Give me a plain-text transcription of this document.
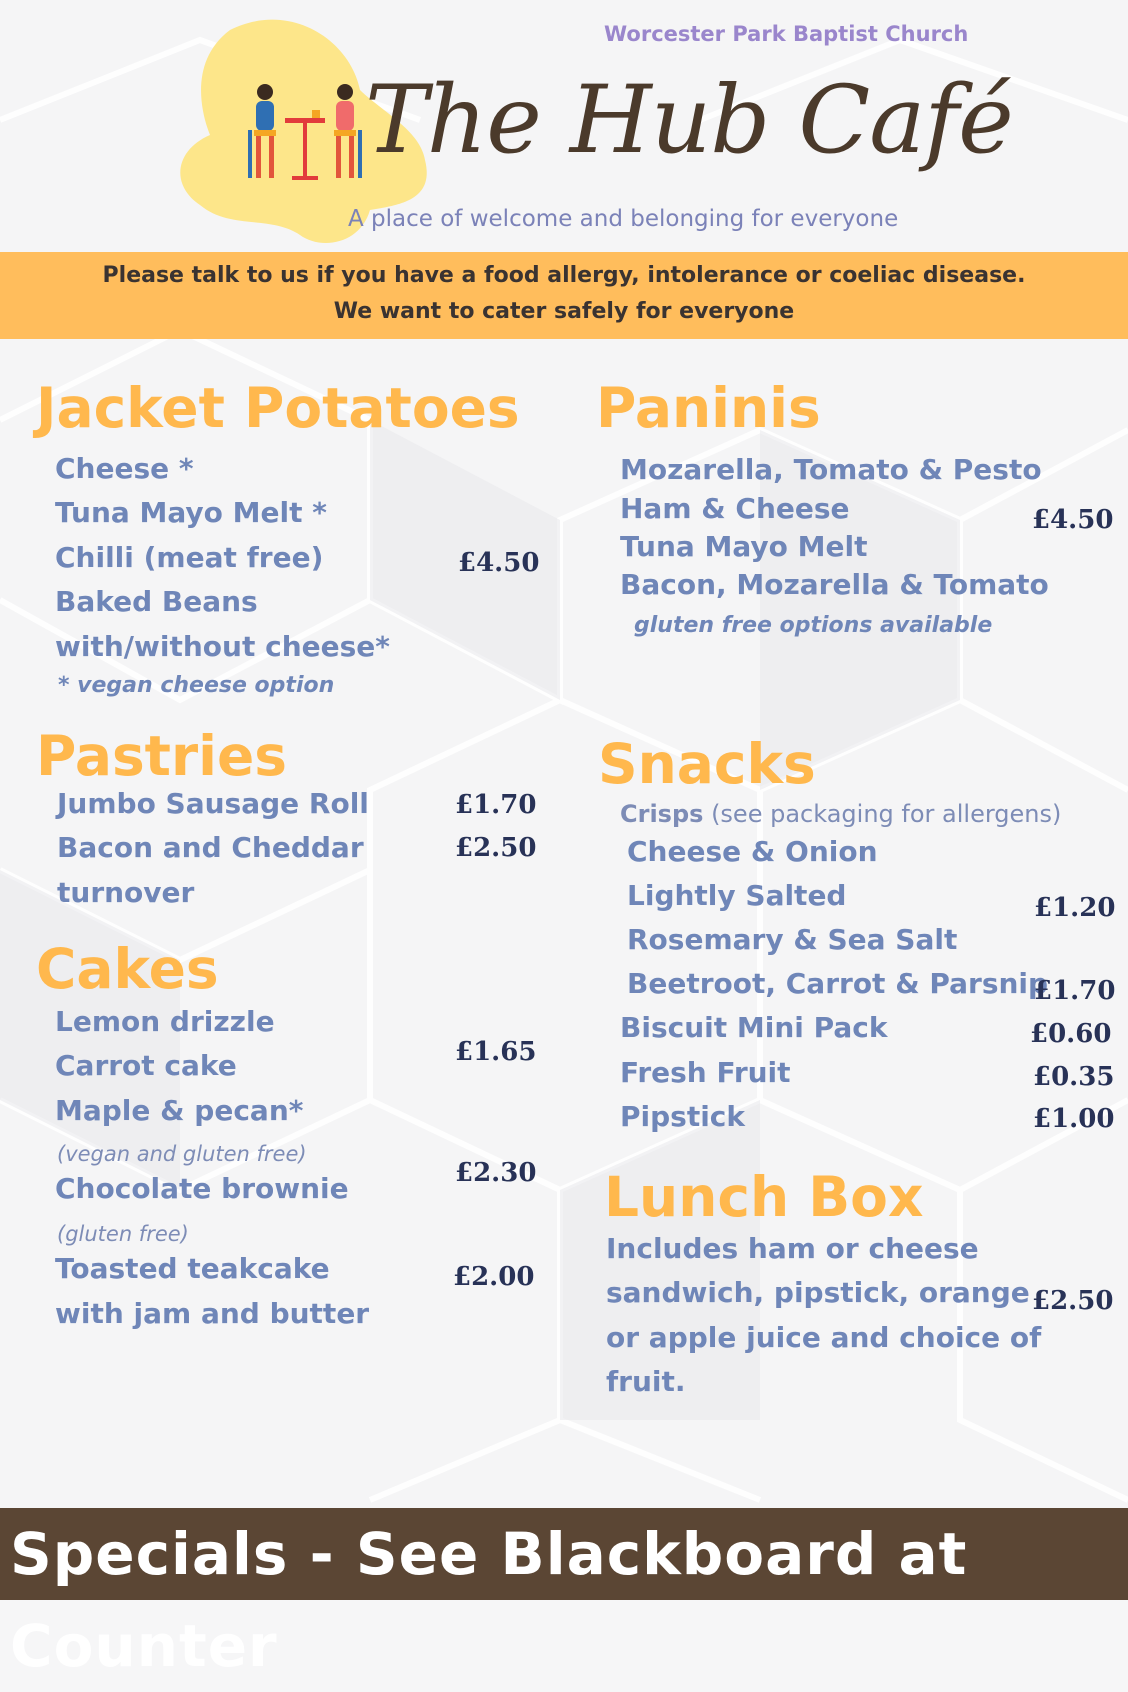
Worcester Park Baptist Church
The Hub Café
A place of welcome and belonging for everyone
Please talk to us if you have a food allergy, intolerance or coeliac disease.
We want to cater safely for everyone
Jacket Potatoes
Cheese *
Tuna Mayo Melt *
Chilli (meat free)
Baked Beans
with/without cheese*
£4.50
* vegan cheese option
Paninis
Mozarella, Tomato & Pesto
Ham & Cheese
Tuna Mayo Melt
Bacon, Mozarella & Tomato
£4.50
gluten free options available
Pastries
Jumbo Sausage Roll
Bacon and Cheddar
turnover
£1.70
£2.50
Cakes
Lemon drizzle
Carrot cake
Maple & pecan*
(vegan and gluten free)
Chocolate brownie
(gluten free)
Toasted teakcake
with jam and butter
£1.65
£2.30
£2.00
Snacks
Crisps (see packaging for allergens)
Cheese & Onion
Lightly Salted
Rosemary & Sea Salt
Beetroot, Carrot & Parsnip
Biscuit Mini Pack
Fresh Fruit
Pipstick
£1.20
£1.70
£0.60
£0.35
£1.00
Lunch Box
Includes ham or cheese
sandwich, pipstick, orange
or apple juice and choice of
fruit.
£2.50
Specials - See Blackboard at Counter
